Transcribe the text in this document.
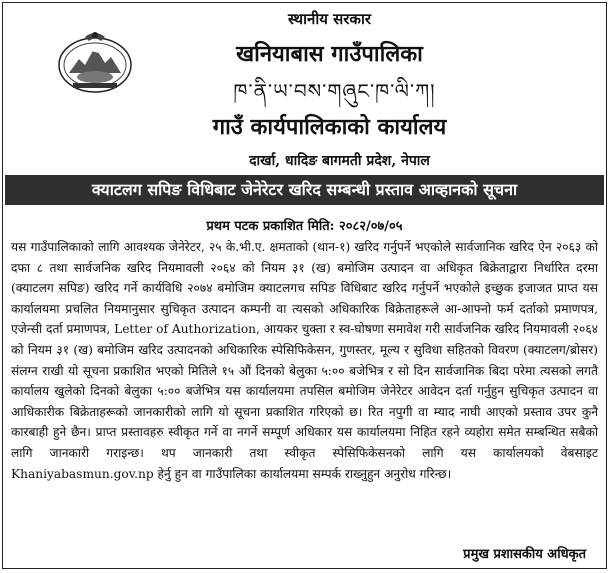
स्थानीय सरकार
खनियाबास गाउँपालिका
ཁ་ནི་ཡ་བས་གཞུང་ཁ་ལི་ཀ།
गाउँ कार्यपालिकाको कार्यालय
दार्खा, धादिङ बागमती प्रदेश, नेपाल
क्याटलग सपिङ विधिबाट जेनेरेटर खरिद सम्बन्धी प्रस्ताव आव्हानको सूचना
प्रथम पटक प्रकाशित मिति: २०८२/०७/०५
यस गाउँपालिकाको लागि आवश्यक जेनेरेटर, २५ के.भी.ए. क्षमताको (थान-१) खरिद गर्नुपर्ने भएकोले सार्वजानिक खरिद ऐन २०६३ को दफा ८ तथा सार्वजनिक खरिद नियमावली २०६४ को नियम ३१ (ख) बमोजिम उत्पादन वा अधिकृत बिक्रेताद्वारा निर्धारित दरमा (क्याटलग सपिङ) खरिद गर्ने कार्यविधि २०७४ बमोजिम क्याटलगच सपिङ विधिबाट खरिद गर्नुपर्ने भएकोले इच्छुक इजाजत प्राप्त यस कार्यालयमा प्रचलित नियमानुसार सुचिकृत उत्पादन कम्पनी वा त्यसको अधिकारिक बिक्रेताहरूले आ-आफ्नो फर्म दर्ताको प्रमाणपत्र, एजेन्सी दर्ता प्रमाणपत्र, Letter of Authorization, आयकर चुक्ता र स्व-घोषणा समावेश गरी सार्वजनिक खरिद नियमावली २०६४ को नियम ३१ (ख) बमोजिम खरिद उत्पादनको अधिकारिक स्पेसिफिकेसन, गुणस्तर, मूल्य र सुविधा सहितको विवरण (क्याटलग/ब्रोसर) संलग्न राखी यो सूचना प्रकाशित भएको मितिले १५ औं दिनको बेलुका ५:०० बजेभित्र र सो दिन सार्वजानिक बिदा परेमा त्यसको लगतै कार्यालय खुलेको दिनको बेलुका ५:०० बजेभित्र यस कार्यालयमा तपसिल बमोजिम जेनेरेटर आवेदन दर्ता गर्नुहुन सुचिकृत उत्पादन वा आधिकारीक बिक्रेताहरूको जानकारीको लागि यो सूचना प्रकाशित गरिएको छ। रित नपुगी वा म्याद नाघी आएको प्रस्ताव उपर कुनै कारबाही हुने छैन। प्राप्त प्रस्तावहरु स्वीकृत गर्ने वा नगर्ने सम्पूर्ण अधिकार यस कार्यालयमा निहित रहने व्यहोरा समेत सम्बन्धित सबैको लागि जानकारी गराइन्छ। थप जानकारी तथा स्वीकृत स्पेसिफिकेसनको लागि यस कार्यालयको वेबसाइट Khaniyabasmun.gov.np हेर्नु हुन वा गाउँपालिका कार्यालयमा सम्पर्क राख्नुहुन अनुरोध गरिन्छ।
प्रमुख प्रशासकीय अधिकृत
